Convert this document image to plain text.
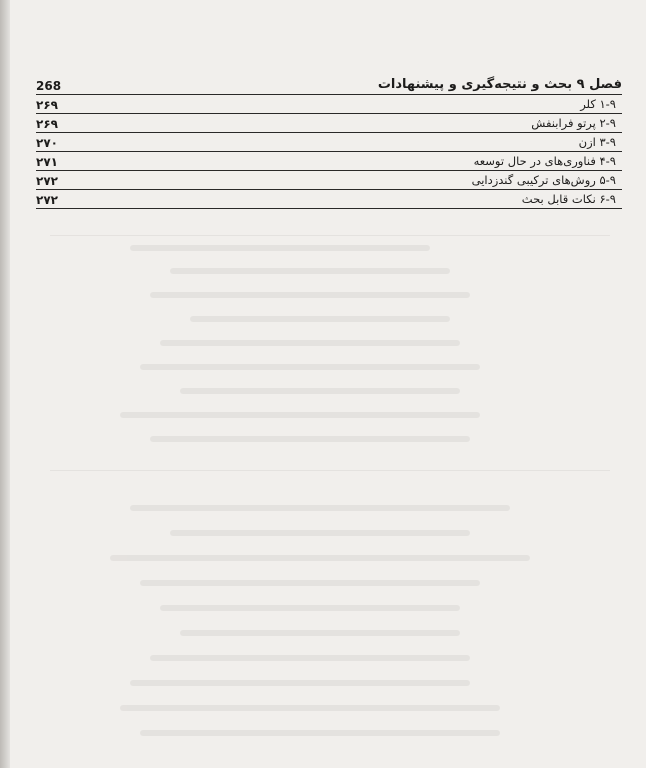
فصل ۹ بحث و نتیجه‌گیری و پیشنهادات
268
۱-۹ کلر
۲۶۹
۲-۹ پرتو فرابنفش
۲۶۹
۳-۹ ازن
۲۷۰
۴-۹ فناوری‌های در حال توسعه
۲۷۱
۵-۹ روش‌های ترکیبی گندزدایی
۲۷۲
۶-۹ نکات قابل بحث
۲۷۲
